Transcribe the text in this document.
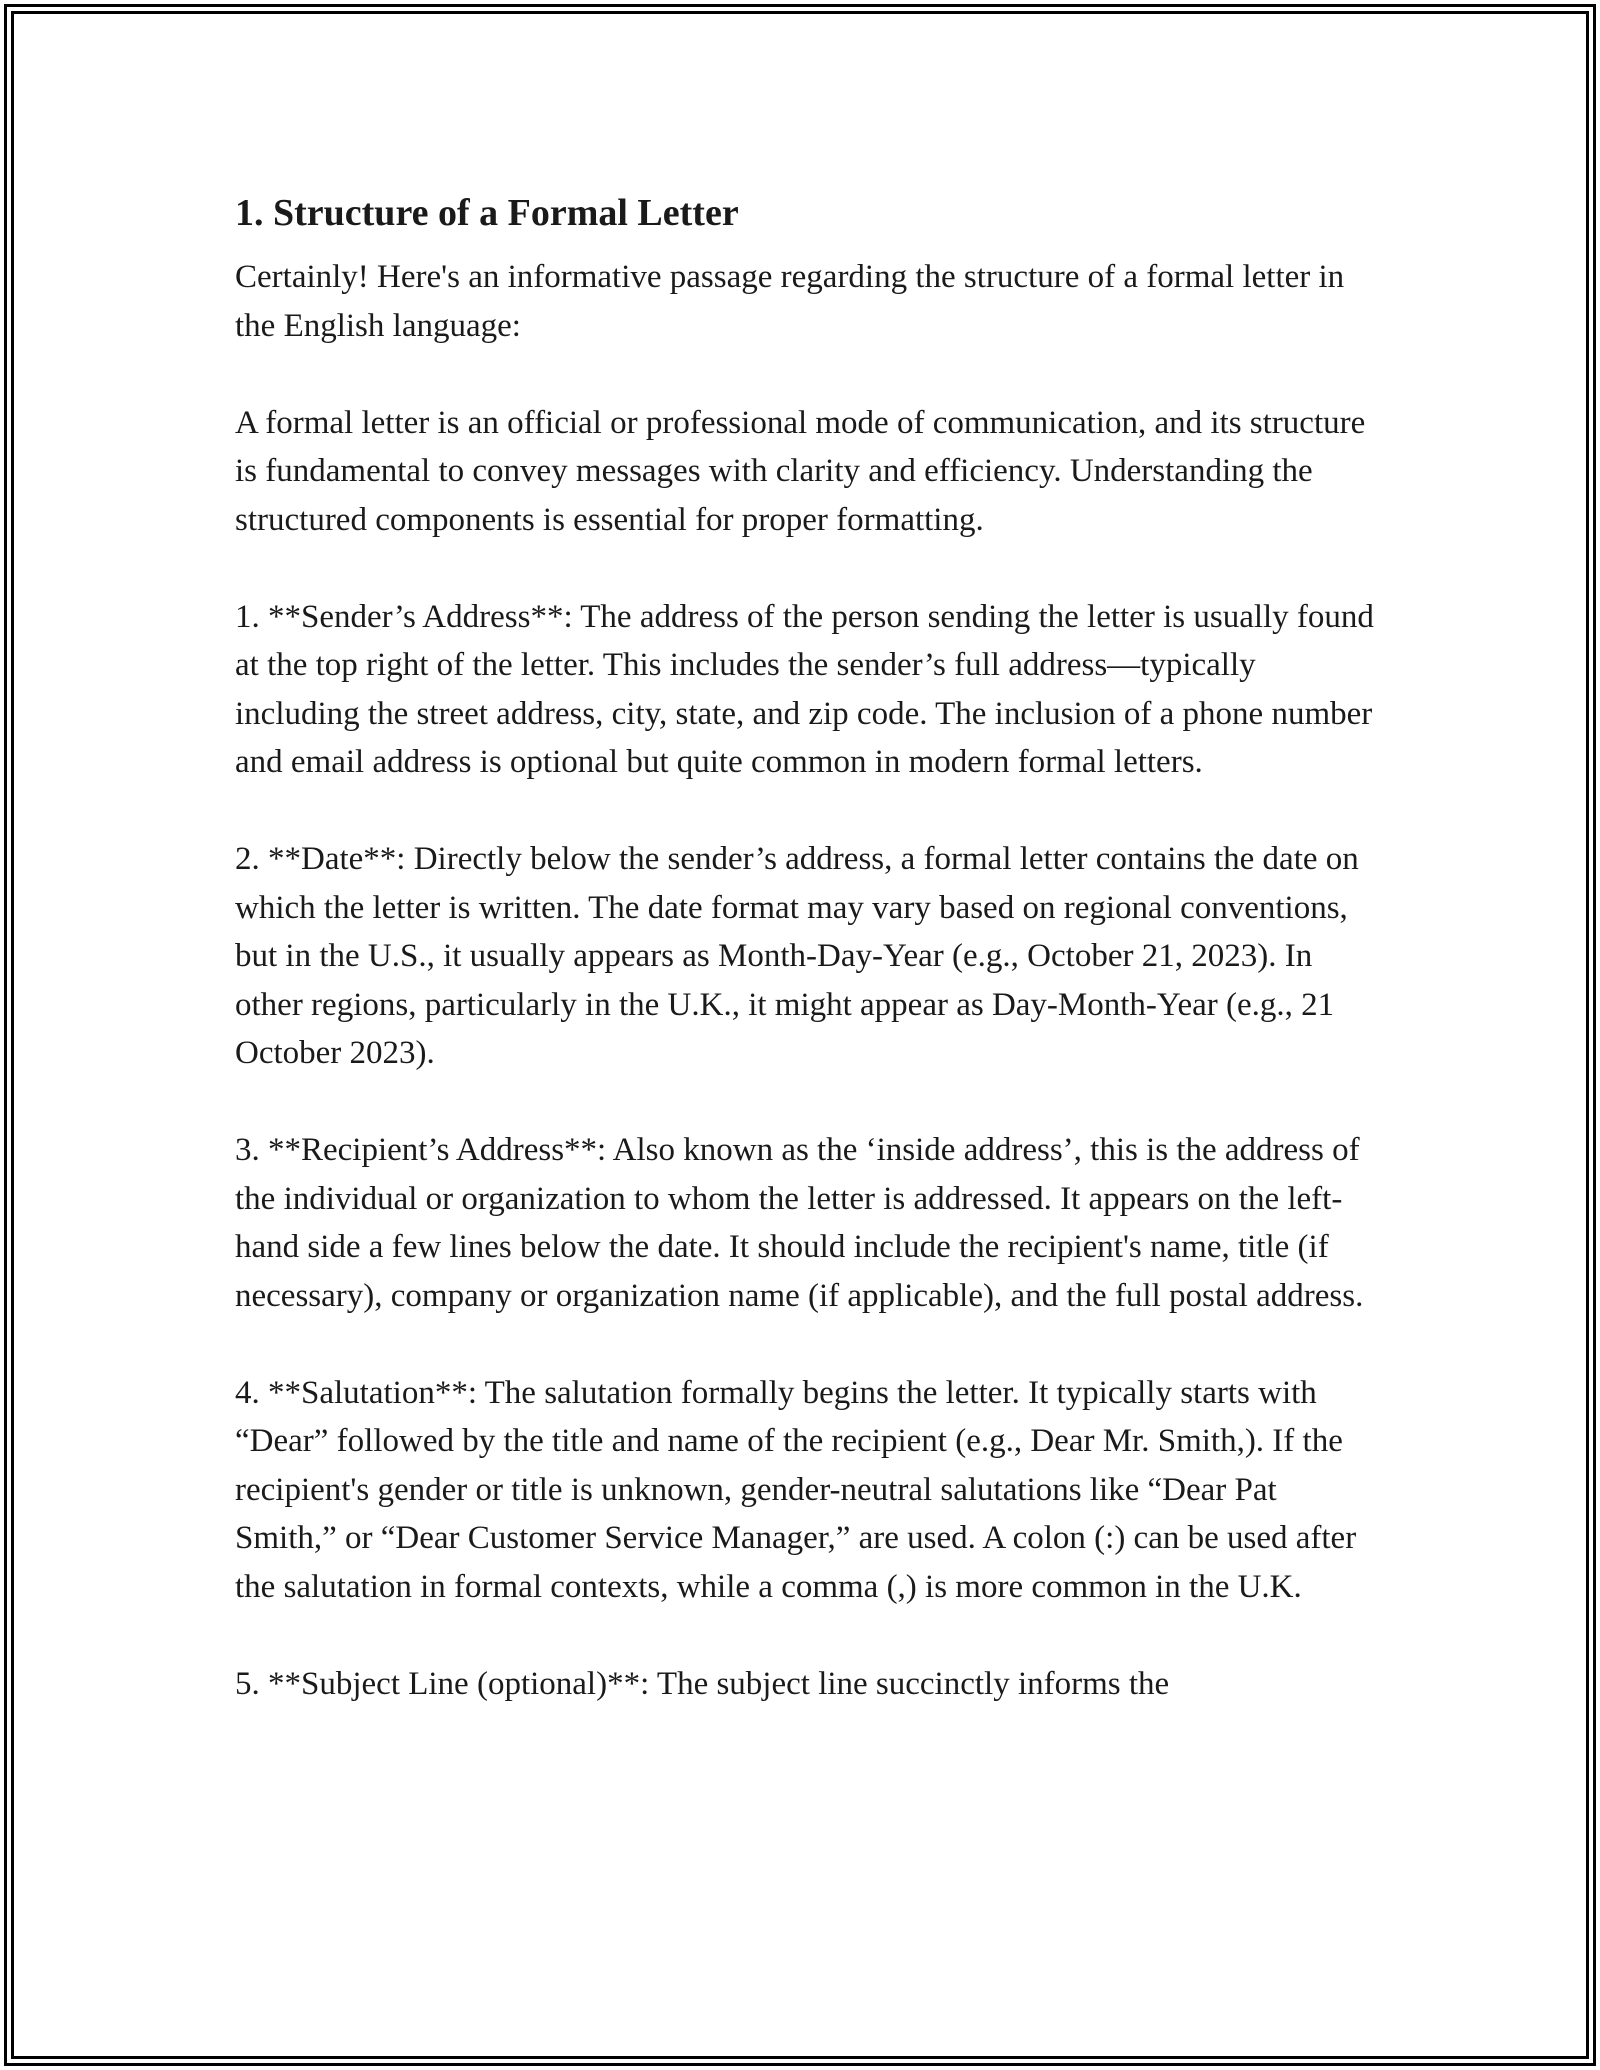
1. Structure of a Formal Letter

Certainly! Here's an informative passage regarding the structure of a formal letter in the English language:

A formal letter is an official or professional mode of communication, and its structure is fundamental to convey messages with clarity and efficiency. Understanding the structured components is essential for proper formatting.

1. **Sender’s Address**: The address of the person sending the letter is usually found at the top right of the letter. This includes the sender’s full address—typically including the street address, city, state, and zip code. The inclusion of a phone number and email address is optional but quite common in modern formal letters.

2. **Date**: Directly below the sender’s address, a formal letter contains the date on which the letter is written. The date format may vary based on regional conventions, but in the U.S., it usually appears as Month-Day-Year (e.g., October 21, 2023). In other regions, particularly in the U.K., it might appear as Day-Month-Year (e.g., 21 October 2023).

3. **Recipient’s Address**: Also known as the ‘inside address’, this is the address of the individual or organization to whom the letter is addressed. It appears on the left-hand side a few lines below the date. It should include the recipient's name, title (if necessary), company or organization name (if applicable), and the full postal address.

4. **Salutation**: The salutation formally begins the letter. It typically starts with “Dear” followed by the title and name of the recipient (e.g., Dear Mr. Smith,). If the recipient's gender or title is unknown, gender-neutral salutations like “Dear Pat Smith,” or “Dear Customer Service Manager,” are used. A colon (:) can be used after the salutation in formal contexts, while a comma (,) is more common in the U.K.

5. **Subject Line (optional)**: The subject line succinctly informs the
